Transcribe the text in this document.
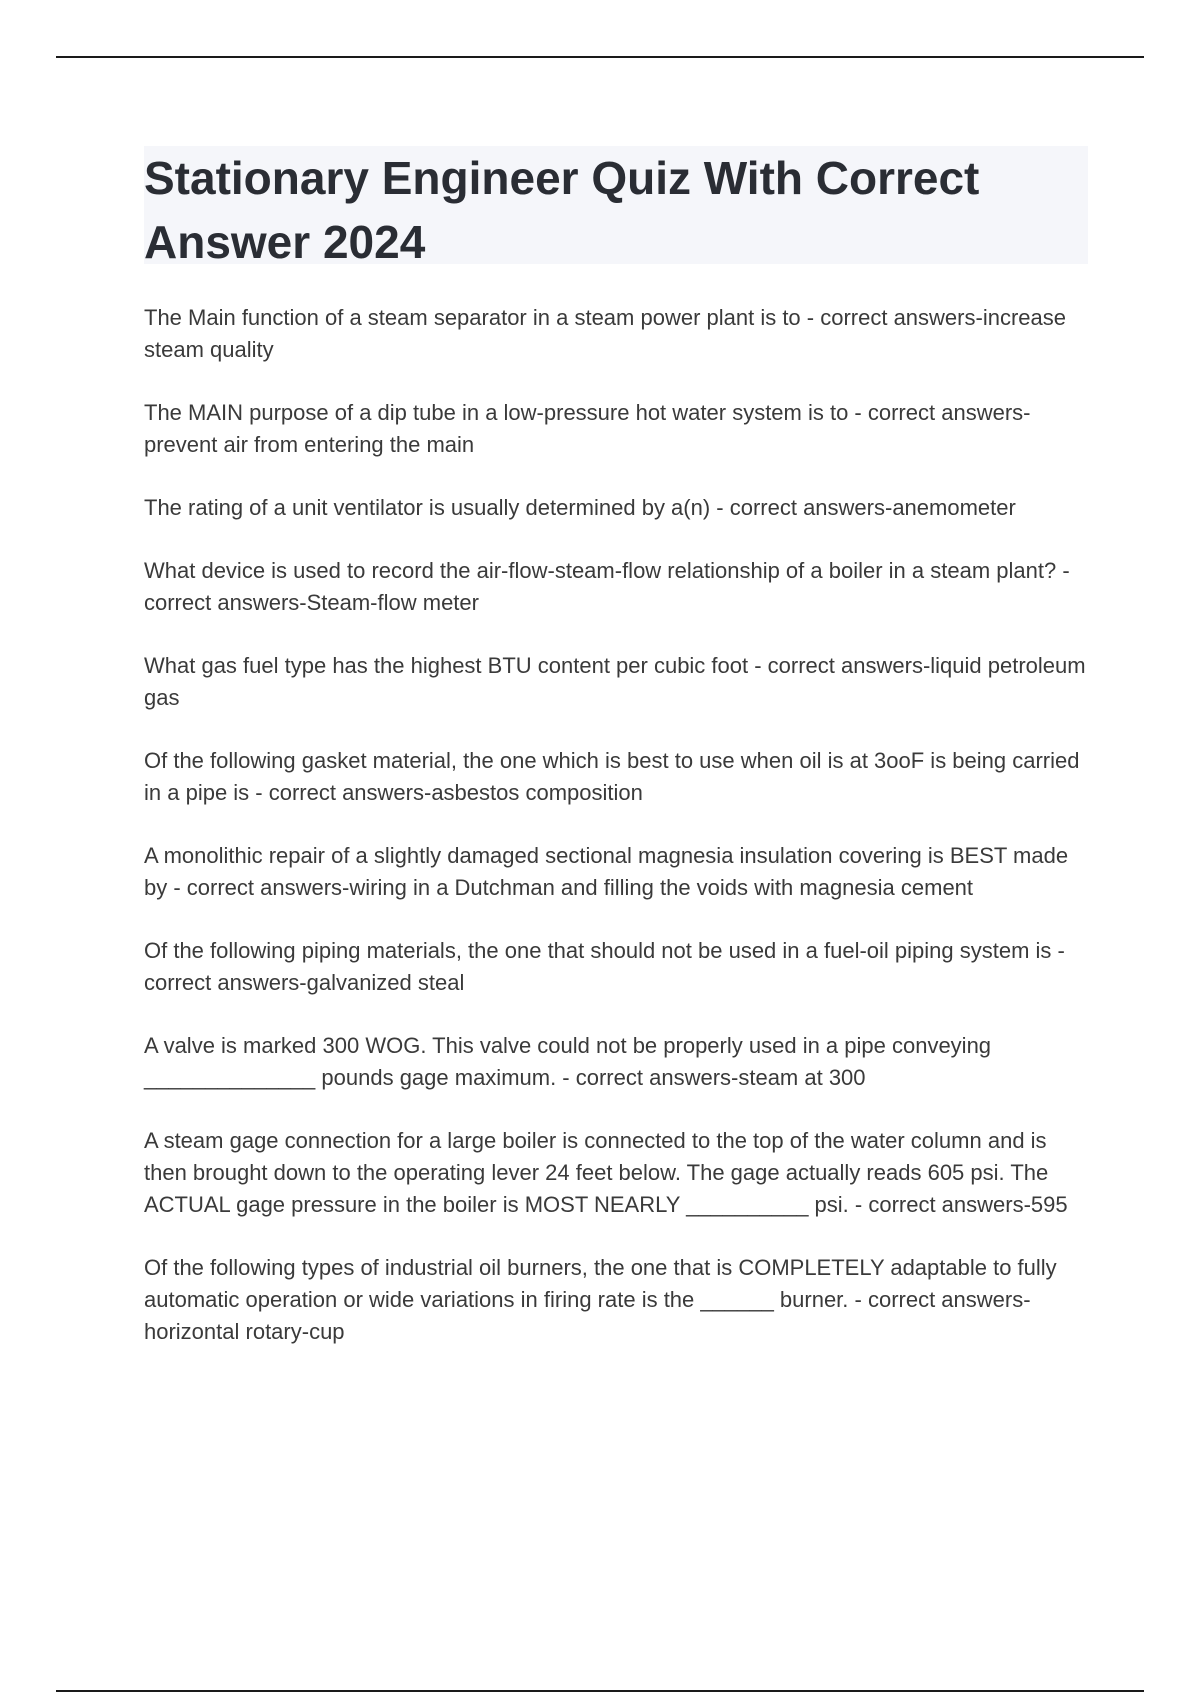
Stationary Engineer Quiz With Correct Answer 2024

The Main function of a steam separator in a steam power plant is to - correct answers-increase steam quality

The MAIN purpose of a dip tube in a low-pressure hot water system is to - correct answers-prevent air from entering the main

The rating of a unit ventilator is usually determined by a(n) - correct answers-anemometer

What device is used to record the air-flow-steam-flow relationship of a boiler in a steam plant? - correct answers-Steam-flow meter

What gas fuel type has the highest BTU content per cubic foot - correct answers-liquid petroleum gas

Of the following gasket material, the one which is best to use when oil is at 3ooF is being carried in a pipe is - correct answers-asbestos composition

A monolithic repair of a slightly damaged sectional magnesia insulation covering is BEST made by - correct answers-wiring in a Dutchman and filling the voids with magnesia cement

Of the following piping materials, the one that should not be used in a fuel-oil piping system is - correct answers-galvanized steal

A valve is marked 300 WOG. This valve could not be properly used in a pipe conveying ______________ pounds gage maximum. - correct answers-steam at 300

A steam gage connection for a large boiler is connected to the top of the water column and is then brought down to the operating lever 24 feet below. The gage actually reads 605 psi. The ACTUAL gage pressure in the boiler is MOST NEARLY __________ psi. - correct answers-595

Of the following types of industrial oil burners, the one that is COMPLETELY adaptable to fully automatic operation or wide variations in firing rate is the ______ burner. - correct answers-horizontal rotary-cup
